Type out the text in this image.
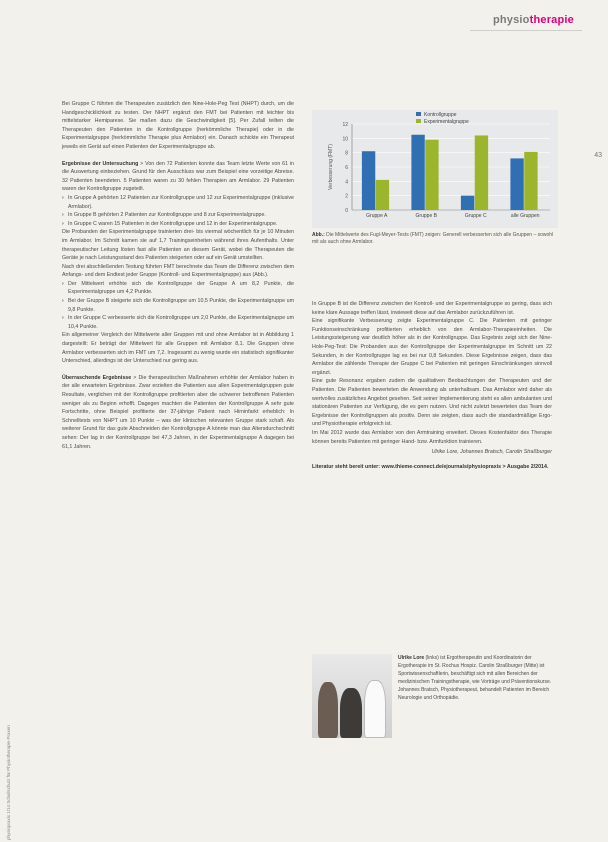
physiotherapie
43
physiopraxis 1/14 Schallschutz für Physiotherapie-Praxen

Bei Gruppe C führten die Therapeuten zusätzlich den Nine-Hole-Peg Test (NHPT) durch, um die Handgeschicklichkeit zu testen. Der NHPT ergänzt den FMT bei Patienten mit leichter bis mittelstarker Hemiparese. Sie maßen dazu die Geschwindigkeit [5]. Per Zufall teilten die Therapeuten den Patienten in die Kontrollgruppe (herkömmliche Therapie) oder in die Experimentalgruppe (herkömmliche Therapie plus Armlabor) ein. Danach schickte ein Therapeut jeweils ein Gerät auf einen Patienten der Experimentalgruppe ab.

Ergebnisse der Untersuchung > Von den 72 Patienten konnte das Team letzte Werte von 61 in die Auswertung einbeziehen. Grund für den Ausschluss war zum Beispiel eine vorzeitige Abreise. 32 Patienten beendeten. 5 Patienten waren zu 30 fehlen Therapien am Armlabor. 29 Patienten waren der Kontrollgruppe zugeteilt.

› In Gruppe A gehörten 12 Patienten zur Kontrollgruppe und 12 zur Experimentalgruppe (inklusive Armlabor).
› In Gruppe B gehörten 2 Patienten zur Kontrollgruppe und 8 zur Experimentalgruppe.
› In Gruppe C waren 15 Patienten in der Kontrollgruppe und 12 in der Experimentalgruppe.

Die Probanden der Experimentalgruppe trainierten drei- bis viermal wöchentlich für je 10 Minuten im Armlabor. Im Schnitt kamen sie auf 1,7 Trainingseinheiten während ihres Aufenthalts. Unter therapeutischer Leitung lösten fast alle Patienten an diesem Gerät, wobei die Therapeuten die Geräte je nach Leistungsstand des Patienten steigerten oder auf ein Gerät umstellten.

Nach drei abschließenden Testung führten FMT berechnete das Team die Differenz zwischen dem Anfangs- und dem Endtest jeder Gruppe (Kontroll- und Experimentalgruppe) aus (Abb.).

› Der Mittelwert erhöhte sich die Kontrollgruppe der Gruppe A um 8,2 Punkte, die Experimentalgruppe um 4,2 Punkte.
› Bei der Gruppe B steigerte sich die Kontrollgruppe um 10,5 Punkte, die Experimentalgruppe um 9,8 Punkte.
› In der Gruppe C verbesserte sich die Kontrollgruppe um 2,0 Punkte, die Experimentalgruppe um 10,4 Punkte.

Ein allgemeiner Vergleich der Mittelwerte aller Gruppen mit und ohne Armlabor ist in Abbildung 1 dargestellt: Er beträgt der Mittelwert für alle Gruppen mit Armlabor 8,1. Die Gruppen ohne Armlabor verbesserten sich im FMT um 7,2. Insgesamt zu wenig wurde ein statistisch signifikanter Unterschied, allerdings ist der Unterschied nur gering aus.

Überraschende Ergebnisse > Die therapeutischen Maßnahmen erhöhte der Armlabor haben in der alle erwarteten Ergebnisse. Zwar erzielten die Patienten aus allen Experimentalgruppen gute Resultate, verglichen mit der Kontrollgruppe profitierten aber die schwerer betroffenen Patienten weniger als zu Beginn erhofft. Dagegen machten die Patienten der Kontrollgruppe A sehr gute Fortschritte, ohne Beispiel profitierte der 37-jährige Patient nach Hirninfarkt erheblich: In Schnelltests von NHPT um 10 Punkte – was der klinischen relevanten Gruppe stark schaft. Als weiterer Grund für das gute Abschneiden der Kontrollgruppe A könnte man das Altersdurchschnitt sehen: Der lag in der Kontrollgruppe bei 47,3 Jahren, in der Experimentalgruppe A dagegen bei 61,1 Jahren.

0
2
4
6
8
10
12
Verbesserung (FMT)
Gruppe A	Gruppe B	Gruppe C	alle Gruppen
Kontrollgruppe
Experimentalgruppe
Abb.: Die Mittelwerte des Fugl-Meyer-Tests (FMT) zeigen: Generell verbesserten sich alle Gruppen – sowohl mit als auch ohne Armlabor.

In Gruppe B ist die Differenz zwischen der Kontroll- und der Experimentalgruppe so gering, dass sich keine klare Aussage treffen lässt, inwieweit diese auf das Armlabor zurückzuführen ist.

Eine signifikante Verbesserung zeigte Experimentalgruppe C. Die Patienten mit geringer Funktionseinschränkung profitierten erheblich von den Armlabor-Therapieeinheiten. Die Leistungssteigerung war deutlich höher als in der Kontrollgruppe. Das Ergebnis zeigt sich der Nine-Hole-Peg-Test: Die Probanden aus der Kontrollgruppe der Experimentalgruppe im Schnitt um 22 Sekunden, in der Kontrollgruppe lag es bei nur 0,8 Sekunden. Diese Ergebnisse zeigen, dass das Armlabor die zählende Therapie der Gruppe C bei Patienten mit geringen Einschränkungen sinnvoll ergänzt.

Eine gute Resonanz ergaben zudem die qualitativen Beobachtungen der Therapeuten und der Patienten. Die Patienten bewerteten die Anwendung als unterhaltsam. Das Armlabor wird daher als wertvolles zusätzliches Angebot gesehen. Seit seiner Implementierung steht es allen ambulanten und stationären Patienten zur Verfügung, die es gern nutzen. Und nicht zuletzt bewerteten das Team der Ergebnisse der Kontrollgruppen als positiv. Denn sie zeigten, dass auch die standardmäßige Ergo- und Physiotherapie erfolgreich ist.

Im Mai 2012 wurde das Armlabor von den Armtraining erweitert. Dieses Kostenfaktor des Therapie können bereits Patienten mit geringer Hand- bzw. Armfunktion trainieren.

Ulrike Lore, Johannes Bratsch, Carolin Straßburger

Literatur steht bereit unter: www.thieme-connect.de/ejournals/physiopraxis > Ausgabe 2/2014.

Ulrike Lore (links) ist Ergotherapeutin und Koordinatorin der Ergotherapie im St. Rochus Hospiz. Carolin Straßburger (Mitte) ist Sportwissenschaftlerin, beschäftigt sich mit allen Bereichen der medizinischen Trainingstherapie, wie Vorträge und Präventionskurse. Johannes Bratsch, Physiotherapeut, behandelt Patienten im Bereich Neurologie und Orthopädie.
